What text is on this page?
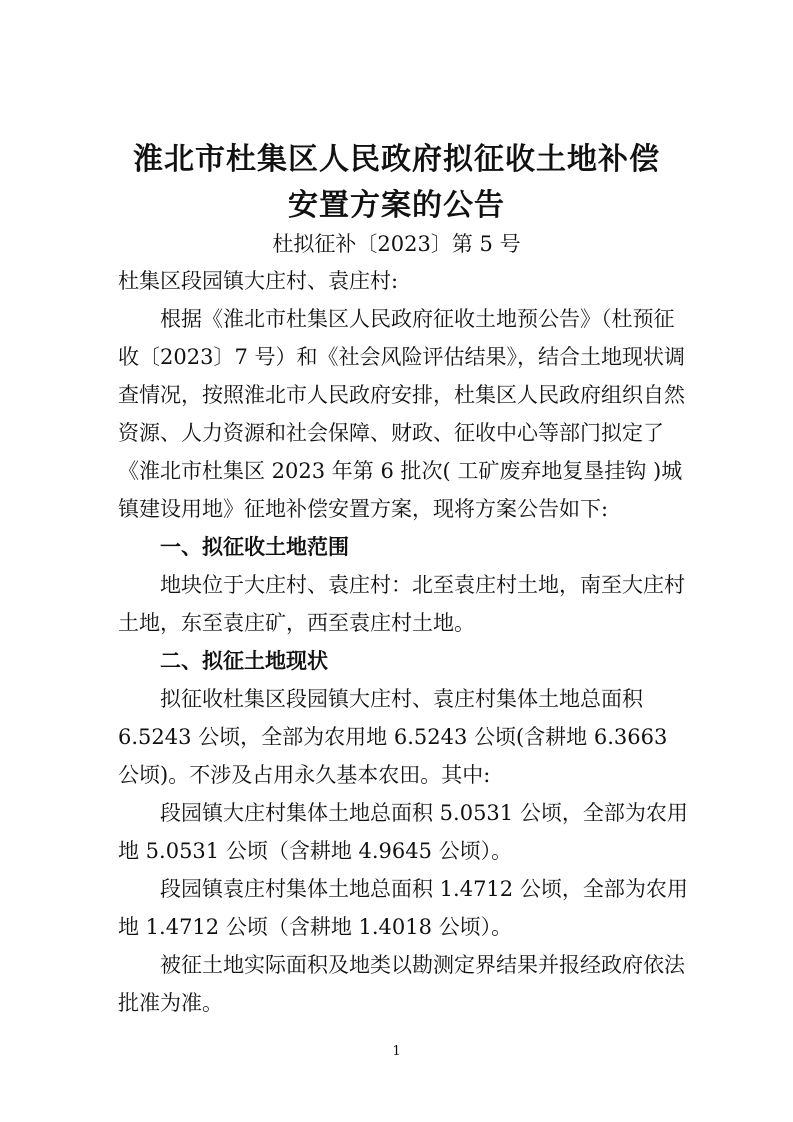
淮北市杜集区人民政府拟征收土地补偿
安置方案的公告
杜拟征补〔2023〕第 5 号

杜集区段园镇大庄村、袁庄村:

根据《淮北市杜集区人民政府征收土地预公告》（杜预征收〔2023〕7 号）和《社会风险评估结果》，结合土地现状调查情况，按照淮北市人民政府安排，杜集区人民政府组织自然资源、人力资源和社会保障、财政、征收中心等部门拟定了《淮北市杜集区 2023 年第 6 批次( 工矿废弃地复垦挂钩 )城镇建设用地》征地补偿安置方案，现将方案公告如下:

一、拟征收土地范围

地块位于大庄村、袁庄村：北至袁庄村土地，南至大庄村土地，东至袁庄矿，西至袁庄村土地。

二、拟征土地现状

拟征收杜集区段园镇大庄村、袁庄村集体土地总面积 6.5243 公顷，全部为农用地 6.5243 公顷(含耕地 6.3663 公顷)。不涉及占用永久基本农田。其中:

段园镇大庄村集体土地总面积 5.0531 公顷，全部为农用地 5.0531 公顷（含耕地 4.9645 公顷）。

段园镇袁庄村集体土地总面积 1.4712 公顷，全部为农用地 1.4712 公顷（含耕地 1.4018 公顷）。

被征土地实际面积及地类以勘测定界结果并报经政府依法批准为准。

1
